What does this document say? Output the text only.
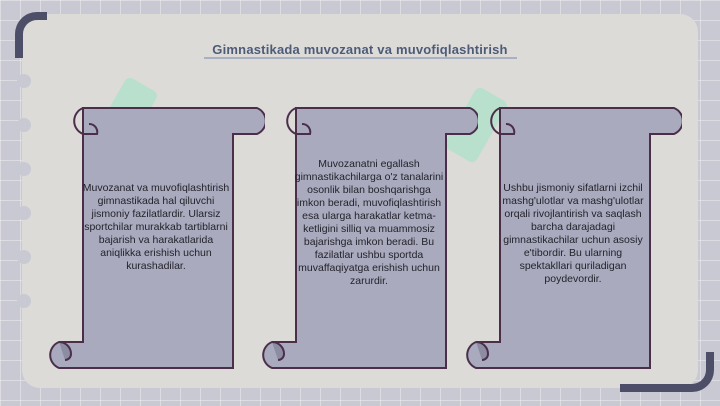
Gimnastikada muvozanat va muvofiqlashtirish

Muvozanat va muvofiqlashtirish gimnastikada hal qiluvchi jismoniy fazilatlardir. Ularsiz sportchilar murakkab tartiblarni bajarish va harakatlarida aniqlikka erishish uchun kurashadilar.

Muvozanatni egallash gimnastikachilarga o'z tanalarini osonlik bilan boshqarishga imkon beradi, muvofiqlashtirish esa ularga harakatlar ketma-ketligini silliq va muammosiz bajarishga imkon beradi. Bu fazilatlar ushbu sportda muvaffaqiyatga erishish uchun zarurdir.

Ushbu jismoniy sifatlarni izchil mashg'ulotlar va mashg'ulotlar orqali rivojlantirish va saqlash barcha darajadagi gimnastikachilar uchun asosiy e'tibordir. Bu ularning spektakllari quriladigan poydevordir.
